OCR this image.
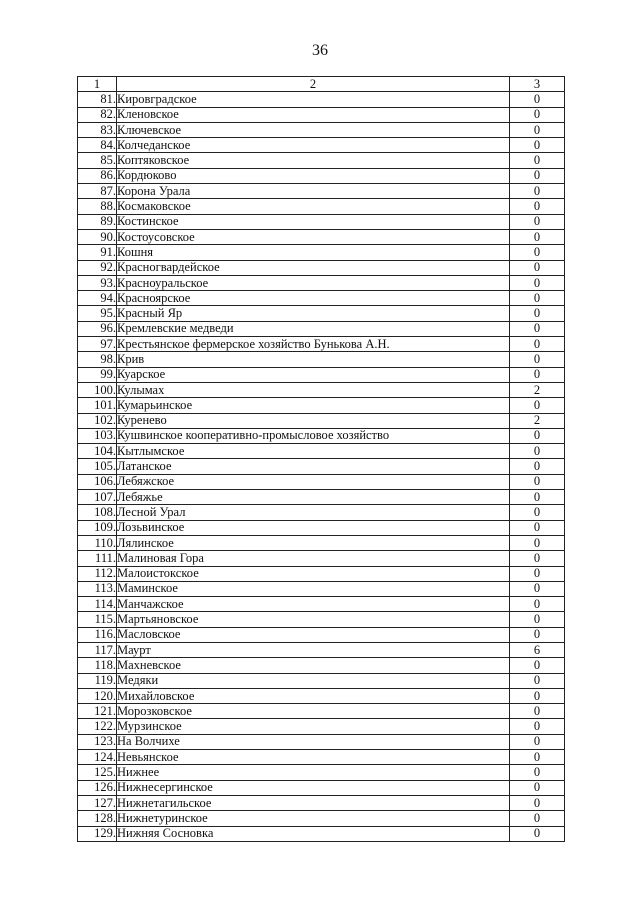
36
1	2	3
81.	Кировградское	0
82.	Кленовское	0
83.	Ключевское	0
84.	Колчеданское	0
85.	Коптяковское	0
86.	Кордюково	0
87.	Корона Урала	0
88.	Космаковское	0
89.	Костинское	0
90.	Костоусовское	0
91.	Кошня	0
92.	Красногвардейское	0
93.	Красноуральское	0
94.	Красноярское	0
95.	Красный Яр	0
96.	Кремлевские медведи	0
97.	Крестьянское фермерское хозяйство Бунькова А.Н.	0
98.	Крив	0
99.	Куарское	0
100.	Кулымах	2
101.	Кумарьинское	0
102.	Куренево	2
103.	Кушвинское кооперативно-промысловое хозяйство	0
104.	Кытлымское	0
105.	Латанское	0
106.	Лебяжское	0
107.	Лебяжье	0
108.	Лесной Урал	0
109.	Лозьвинское	0
110.	Лялинское	0
111.	Малиновая Гора	0
112.	Малоистокское	0
113.	Маминское	0
114.	Манчажское	0
115.	Мартьяновское	0
116.	Масловское	0
117.	Маурт	6
118.	Махневское	0
119.	Медяки	0
120.	Михайловское	0
121.	Морозковское	0
122.	Мурзинское	0
123.	На Волчихе	0
124.	Невьянское	0
125.	Нижнее	0
126.	Нижнесергинское	0
127.	Нижнетагильское	0
128.	Нижнетуринское	0
129.	Нижняя Сосновка	0
